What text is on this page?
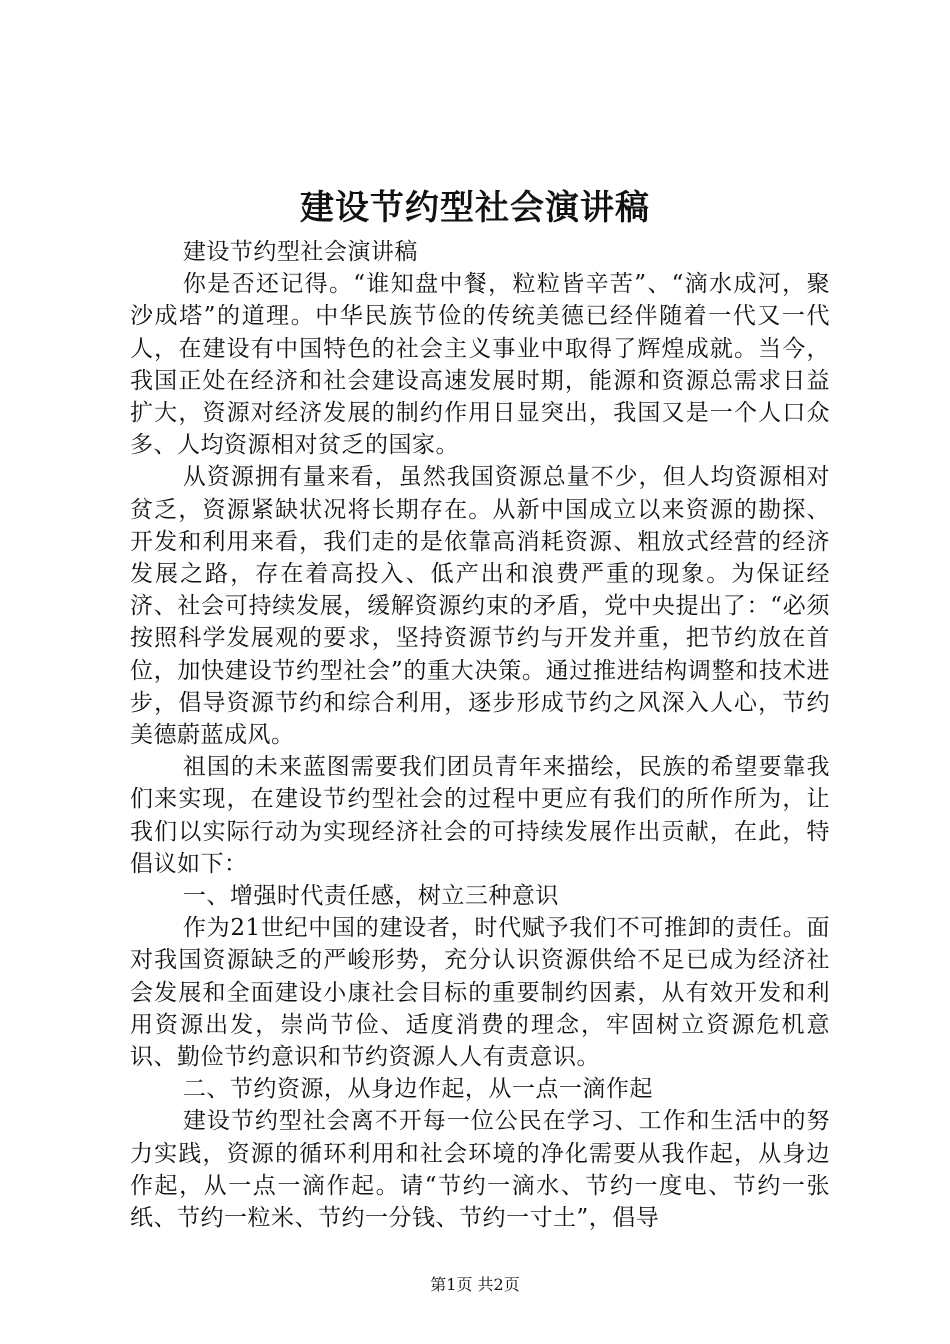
建设节约型社会演讲稿

建设节约型社会演讲稿

你是否还记得。“谁知盘中餐，粒粒皆辛苦”、“滴水成河，聚沙成塔”的道理。中华民族节俭的传统美德已经伴随着一代又一代人，在建设有中国特色的社会主义事业中取得了辉煌成就。当今，我国正处在经济和社会建设高速发展时期，能源和资源总需求日益扩大，资源对经济发展的制约作用日显突出，我国又是一个人口众多、人均资源相对贫乏的国家。

从资源拥有量来看，虽然我国资源总量不少，但人均资源相对贫乏，资源紧缺状况将长期存在。从新中国成立以来资源的勘探、开发和利用来看，我们走的是依靠高消耗资源、粗放式经营的经济发展之路，存在着高投入、低产出和浪费严重的现象。为保证经济、社会可持续发展，缓解资源约束的矛盾，党中央提出了：“必须按照科学发展观的要求，坚持资源节约与开发并重，把节约放在首位，加快建设节约型社会”的重大决策。通过推进结构调整和技术进步，倡导资源节约和综合利用，逐步形成节约之风深入人心，节约美德蔚蓝成风。

祖国的未来蓝图需要我们团员青年来描绘，民族的希望要靠我们来实现，在建设节约型社会的过程中更应有我们的所作所为，让我们以实际行动为实现经济社会的可持续发展作出贡献，在此，特倡议如下：

一、增强时代责任感，树立三种意识

作为21世纪中国的建设者，时代赋予我们不可推卸的责任。面对我国资源缺乏的严峻形势，充分认识资源供给不足已成为经济社会发展和全面建设小康社会目标的重要制约因素，从有效开发和利用资源出发，崇尚节俭、适度消费的理念，牢固树立资源危机意识、勤俭节约意识和节约资源人人有责意识。

二、节约资源，从身边作起，从一点一滴作起

建设节约型社会离不开每一位公民在学习、工作和生活中的努力实践，资源的循环利用和社会环境的净化需要从我作起，从身边作起，从一点一滴作起。请“节约一滴水、节约一度电、节约一张纸、节约一粒米、节约一分钱、节约一寸土”，倡导

第1页 共2页
